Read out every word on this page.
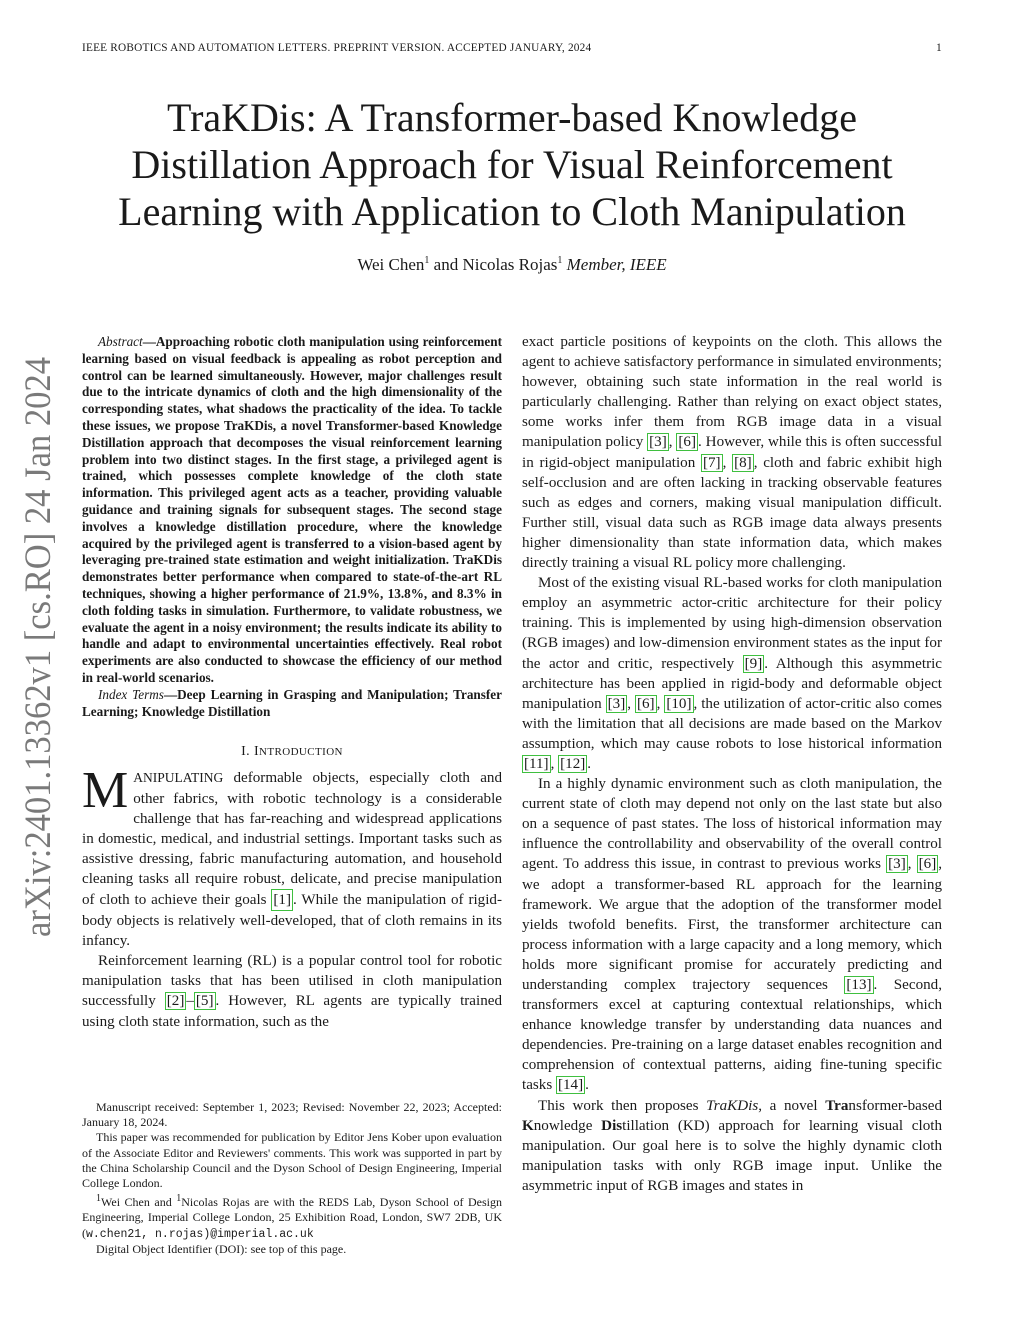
IEEE ROBOTICS AND AUTOMATION LETTERS. PREPRINT VERSION. ACCEPTED JANUARY, 2024	1
arXiv:2401.13362v1 [cs.RO] 24 Jan 2024
TraKDis: A Transformer-based Knowledge
Distillation Approach for Visual Reinforcement
Learning with Application to Cloth Manipulation
Wei Chen$^1$ and Nicolas Rojas$^1$ Member, IEEE

Abstract—Approaching robotic cloth manipulation using reinforcement learning based on visual feedback is appealing as robot perception and control can be learned simultaneously. However, major challenges result due to the intricate dynamics of cloth and the high dimensionality of the corresponding states, what shadows the practicality of the idea. To tackle these issues, we propose TraKDis, a novel Transformer-based Knowledge Distillation approach that decomposes the visual reinforcement learning problem into two distinct stages. In the first stage, a privileged agent is trained, which possesses complete knowledge of the cloth state information. This privileged agent acts as a teacher, providing valuable guidance and training signals for subsequent stages. The second stage involves a knowledge distillation procedure, where the knowledge acquired by the privileged agent is transferred to a vision-based agent by leveraging pre-trained state estimation and weight initialization. TraKDis demonstrates better performance when compared to state-of-the-art RL techniques, showing a higher performance of 21.9%, 13.8%, and 8.3% in cloth folding tasks in simulation. Furthermore, to validate robustness, we evaluate the agent in a noisy environment; the results indicate its ability to handle and adapt to environmental uncertainties effectively. Real robot experiments are also conducted to showcase the efficiency of our method in real-world scenarios.

Index Terms—Deep Learning in Grasping and Manipulation; Transfer Learning; Knowledge Distillation

I. INTRODUCTION

MANIPULATING deformable objects, especially cloth and other fabrics, with robotic technology is a considerable challenge that has far-reaching and widespread applications in domestic, medical, and industrial settings. Important tasks such as assistive dressing, fabric manufacturing automation, and household cleaning tasks all require robust, delicate, and precise manipulation of cloth to achieve their goals [1] . While the manipulation of rigid-body objects is relatively well-developed, that of cloth remains in its infancy.

Reinforcement learning (RL) is a popular control tool for robotic manipulation tasks that has been utilised in cloth manipulation successfully [2] – [5] . However, RL agents are typically trained using cloth state information, such as the

Manuscript received: September 1, 2023; Revised: November 22, 2023; Accepted: January 18, 2024.

This paper was recommended for publication by Editor Jens Kober upon evaluation of the Associate Editor and Reviewers' comments. This work was supported in part by the China Scholarship Council and the Dyson School of Design Engineering, Imperial College London.

$^1$Wei Chen and $^1$Nicolas Rojas are with the REDS Lab, Dyson School of Design Engineering, Imperial College London, 25 Exhibition Road, London, SW7 2DB, UK (w.chen21, n.rojas)@imperial.ac.uk

Digital Object Identifier (DOI): see top of this page.

exact particle positions of keypoints on the cloth. This allows the agent to achieve satisfactory performance in simulated environments; however, obtaining such state information in the real world is particularly challenging. Rather than relying on exact object states, some works infer them from RGB image data in a visual manipulation policy [3] , [6] . However, while this is often successful in rigid-object manipulation [7] , [8] , cloth and fabric exhibit high self-occlusion and are often lacking in tracking observable features such as edges and corners, making visual manipulation difficult. Further still, visual data such as RGB image data always presents higher dimensionality than state information data, which makes directly training a visual RL policy more challenging.

Most of the existing visual RL-based works for cloth manipulation employ an asymmetric actor-critic architecture for their policy training. This is implemented by using high-dimension observation (RGB images) and low-dimension environment states as the input for the actor and critic, respectively [9] . Although this asymmetric architecture has been applied in rigid-body and deformable object manipulation [3] , [6] , [10] , the utilization of actor-critic also comes with the limitation that all decisions are made based on the Markov assumption, which may cause robots to lose historical information [11] , [12] .

In a highly dynamic environment such as cloth manipulation, the current state of cloth may depend not only on the last state but also on a sequence of past states. The loss of historical information may influence the controllability and observability of the overall control agent. To address this issue, in contrast to previous works [3] , [6] , we adopt a transformer-based RL approach for the learning framework. We argue that the adoption of the transformer model yields twofold benefits. First, the transformer architecture can process information with a large capacity and a long memory, which holds more significant promise for accurately predicting and understanding complex trajectory sequences [13] . Second, transformers excel at capturing contextual relationships, which enhance knowledge transfer by understanding data nuances and dependencies. Pre-training on a large dataset enables recognition and comprehension of contextual patterns, aiding fine-tuning specific tasks [14] .

This work then proposes TraKDis, a novel Transformer-based Knowledge Distillation (KD) approach for learning visual cloth manipulation. Our goal here is to solve the highly dynamic cloth manipulation tasks with only RGB image input. Unlike the asymmetric input of RGB images and states in
